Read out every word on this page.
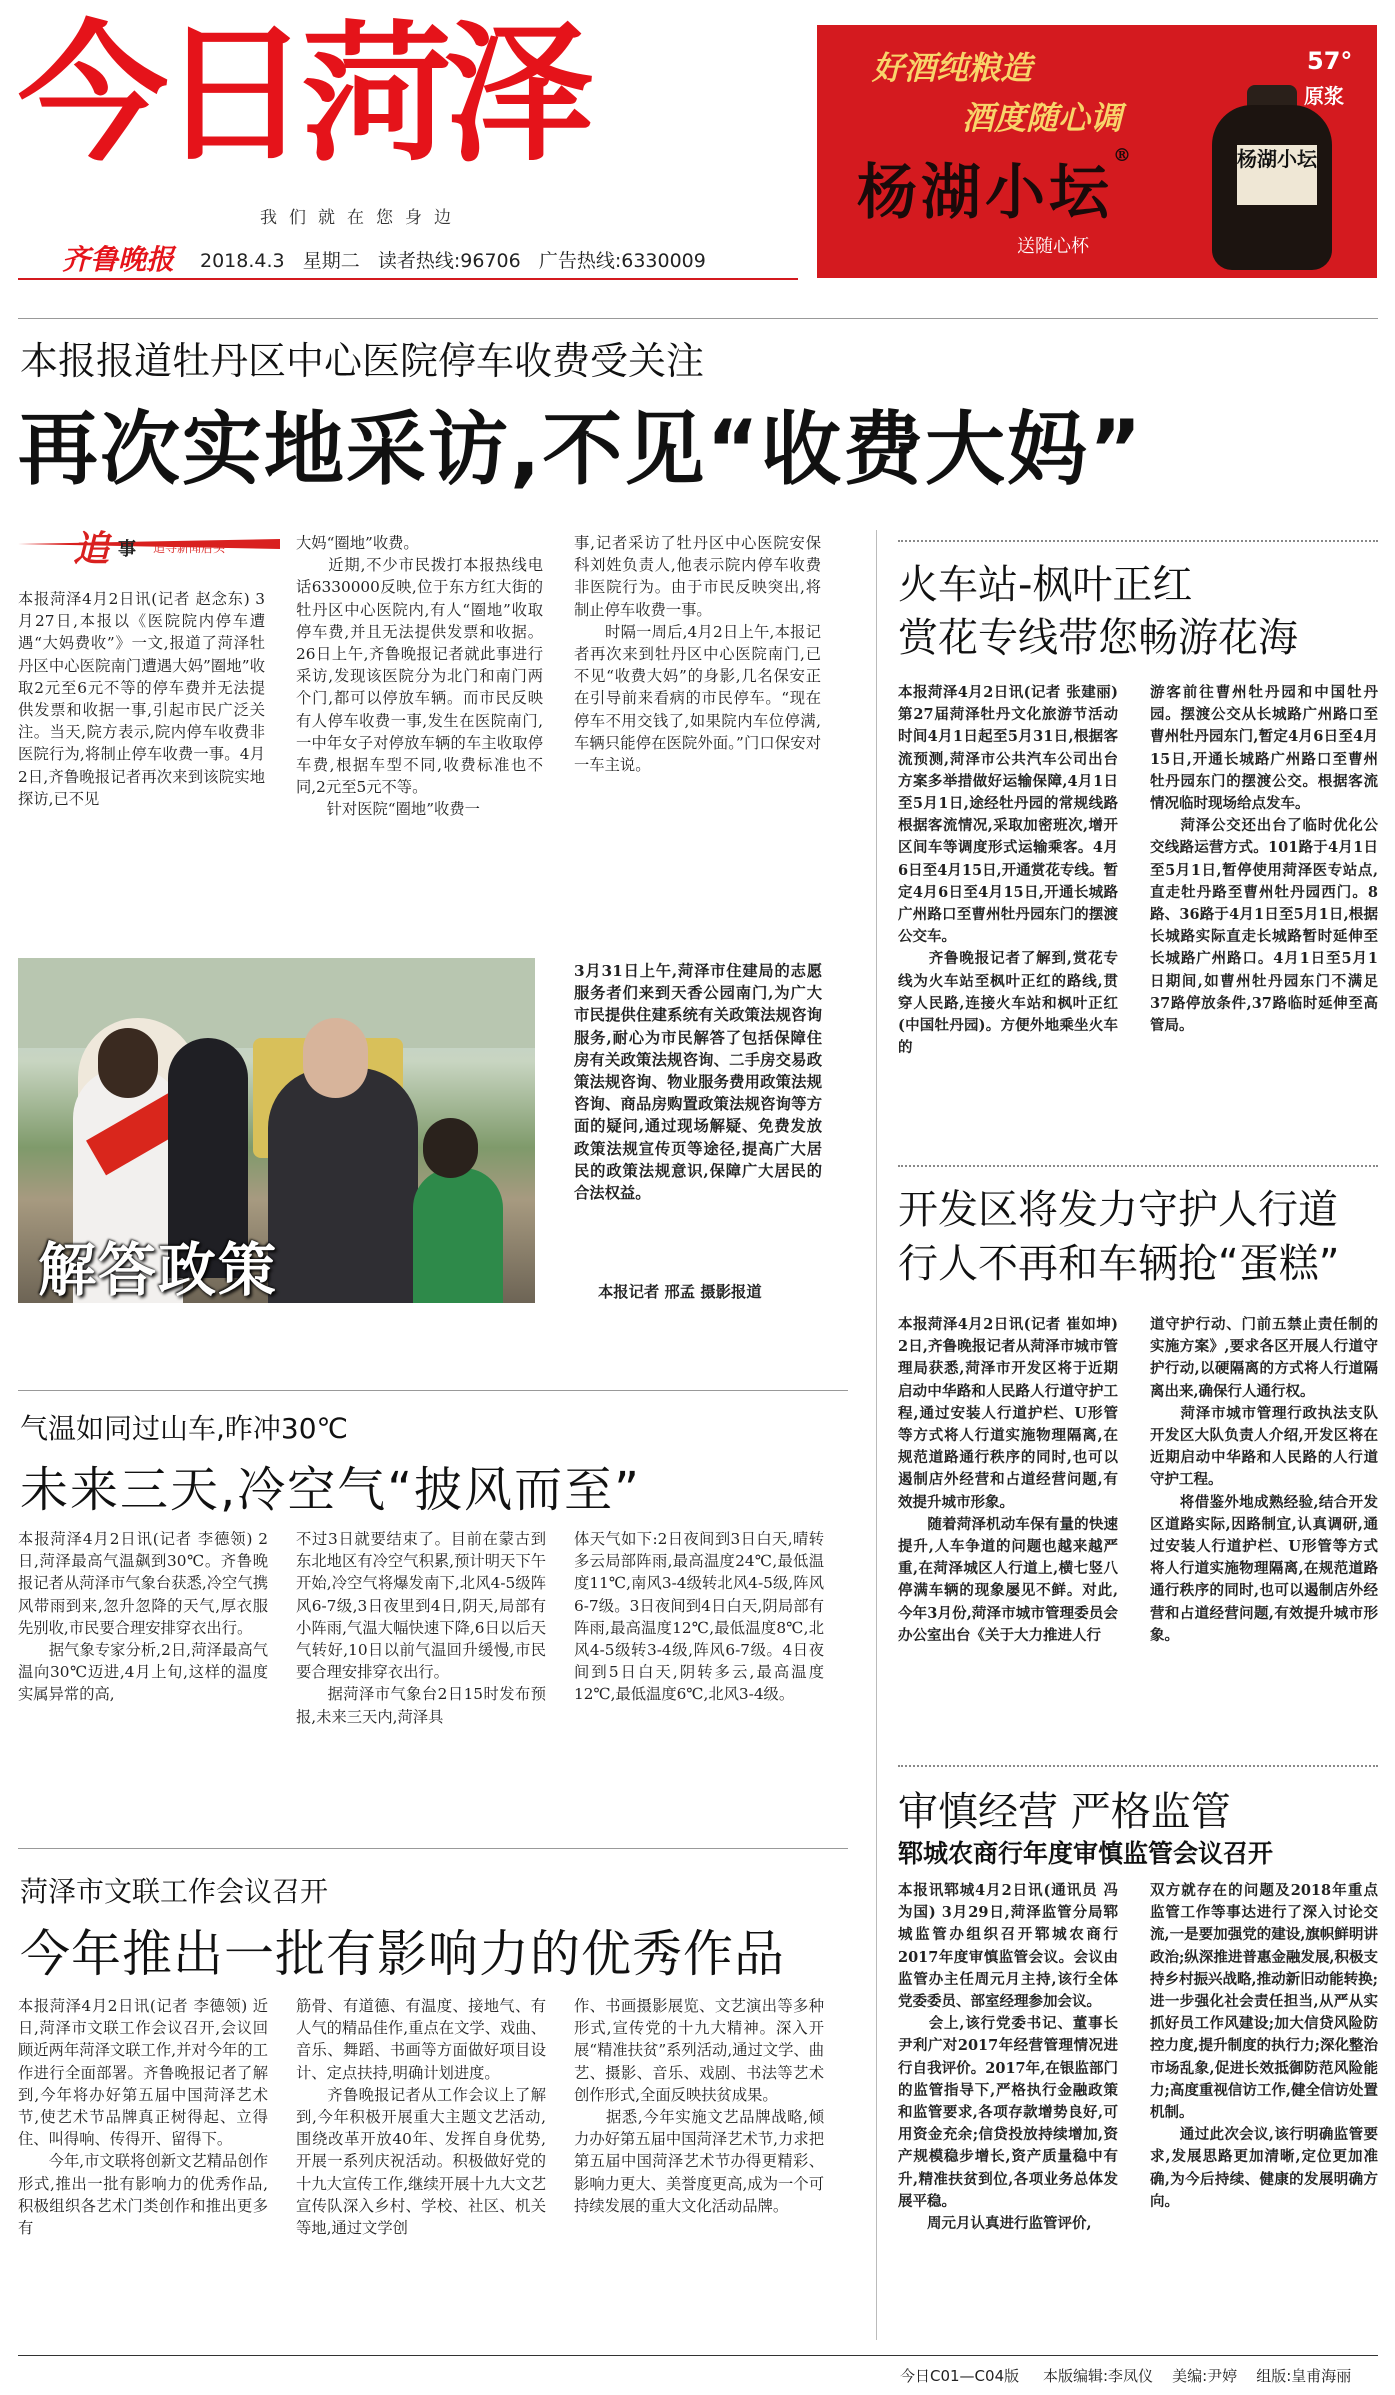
今日菏泽
我们就在您身边
齐鲁晚报 2018.4.3 星期二 读者热线:96706 广告热线:6330009
好酒纯粮造
酒度随心调
杨湖小坛®
送随心杯
杨湖小坛
57°
原浆
本报报道牡丹区中心医院停车收费受关注
再次实地采访,不见“收费大妈”
追 事 追寻新闻后头
本报菏泽4月2日讯(记者 赵念东) 3月27日,本报以《医院院内停车遭遇“大妈费收”》一文,报道了菏泽牡丹区中心医院南门遭遇大妈”圈地”收取2元至6元不等的停车费并无法提供发票和收据一事,引起市民广泛关注。当天,院方表示,院内停车收费非医院行为,将制止停车收费一事。4月2日,齐鲁晚报记者再次来到该院实地探访,已不见
大妈“圈地”收费。
　　近期,不少市民拨打本报热线电话6330000反映,位于东方红大街的牡丹区中心医院内,有人“圈地”收取停车费,并且无法提供发票和收据。26日上午,齐鲁晚报记者就此事进行采访,发现该医院分为北门和南门两个门,都可以停放车辆。而市民反映有人停车收费一事,发生在医院南门,一中年女子对停放车辆的车主收取停车费,根据车型不同,收费标准也不同,2元至5元不等。
　　针对医院“圈地”收费一
事,记者采访了牡丹区中心医院安保科刘姓负责人,他表示院内停车收费非医院行为。由于市民反映突出,将制止停车收费一事。
　　时隔一周后,4月2日上午,本报记者再次来到牡丹区中心医院南门,已不见“收费大妈”的身影,几名保安正在引导前来看病的市民停车。“现在停车不用交钱了,如果院内车位停满,车辆只能停在医院外面。”门口保安对一车主说。
解答政策
3月31日上午,菏泽市住建局的志愿服务者们来到天香公园南门,为广大市民提供住建系统有关政策法规咨询服务,耐心为市民解答了包括保障住房有关政策法规咨询、二手房交易政策法规咨询、物业服务费用政策法规咨询、商品房购置政策法规咨询等方面的疑问,通过现场解疑、免费发放政策法规宣传页等途径,提高广大居民的政策法规意识,保障广大居民的合法权益。
本报记者 邢孟 摄影报道
火车站-枫叶正红
赏花专线带您畅游花海
本报菏泽4月2日讯(记者 张建丽) 第27届菏泽牡丹文化旅游节活动时间4月1日起至5月31日,根据客流预测,菏泽市公共汽车公司出台方案多举措做好运输保障,4月1日至5月1日,途经牡丹园的常规线路根据客流情况,采取加密班次,增开区间车等调度形式运输乘客。4月6日至4月15日,开通赏花专线。暂定4月6日至4月15日,开通长城路广州路口至曹州牡丹园东门的摆渡公交车。
　　齐鲁晚报记者了解到,赏花专线为火车站至枫叶正红的路线,贯穿人民路,连接火车站和枫叶正红(中国牡丹园)。方便外地乘坐火车的
游客前往曹州牡丹园和中国牡丹园。摆渡公交从长城路广州路口至曹州牡丹园东门,暂定4月6日至4月15日,开通长城路广州路口至曹州牡丹园东门的摆渡公交。根据客流情况临时现场给点发车。
　　菏泽公交还出台了临时优化公交线路运营方式。101路于4月1日至5月1日,暂停使用菏泽医专站点,直走牡丹路至曹州牡丹园西门。8路、36路于4月1日至5月1日,根据长城路实际直走长城路暂时延伸至长城路广州路口。4月1日至5月1日期间,如曹州牡丹园东门不满足37路停放条件,37路临时延伸至高管局。
开发区将发力守护人行道
行人不再和车辆抢“蛋糕”
本报菏泽4月2日讯(记者 崔如坤) 2日,齐鲁晚报记者从菏泽市城市管理局获悉,菏泽市开发区将于近期启动中华路和人民路人行道守护工程,通过安装人行道护栏、U形管等方式将人行道实施物理隔离,在规范道路通行秩序的同时,也可以遏制店外经营和占道经营问题,有效提升城市形象。
　　随着菏泽机动车保有量的快速提升,人车争道的问题也越来越严重,在菏泽城区人行道上,横七竖八停满车辆的现象屡见不鲜。对此,今年3月份,菏泽市城市管理委员会办公室出台《关于大力推进人行
道守护行动、门前五禁止责任制的实施方案》,要求各区开展人行道守护行动,以硬隔离的方式将人行道隔离出来,确保行人通行权。
　　菏泽市城市管理行政执法支队开发区大队负责人介绍,开发区将在近期启动中华路和人民路的人行道守护工程。
　　将借鉴外地成熟经验,结合开发区道路实际,因路制宜,认真调研,通过安装人行道护栏、U形管等方式将人行道实施物理隔离,在规范道路通行秩序的同时,也可以遏制店外经营和占道经营问题,有效提升城市形象。
气温如同过山车,昨冲30℃
未来三天,冷空气“披风而至”
本报菏泽4月2日讯(记者 李德领) 2日,菏泽最高气温飙到30℃。齐鲁晚报记者从菏泽市气象台获悉,冷空气携风带雨到来,忽升忽降的天气,厚衣服先别收,市民要合理安排穿衣出行。
　　据气象专家分析,2日,菏泽最高气温向30℃迈进,4月上旬,这样的温度实属异常的高,
不过3日就要结束了。目前在蒙古到东北地区有冷空气积累,预计明天下午开始,冷空气将爆发南下,北风4-5级阵风6-7级,3日夜里到4日,阴天,局部有小阵雨,气温大幅快速下降,6日以后天气转好,10日以前气温回升缓慢,市民要合理安排穿衣出行。
　　据菏泽市气象台2日15时发布预报,未来三天内,菏泽具
体天气如下:2日夜间到3日白天,晴转多云局部阵雨,最高温度24℃,最低温度11℃,南风3-4级转北风4-5级,阵风6-7级。3日夜间到4日白天,阴局部有阵雨,最高温度12℃,最低温度8℃,北风4-5级转3-4级,阵风6-7级。4日夜间到5日白天,阴转多云,最高温度12℃,最低温度6℃,北风3-4级。
菏泽市文联工作会议召开
今年推出一批有影响力的优秀作品
本报菏泽4月2日讯(记者 李德领) 近日,菏泽市文联工作会议召开,会议回顾近两年菏泽文联工作,并对今年的工作进行全面部署。齐鲁晚报记者了解到,今年将办好第五届中国菏泽艺术节,使艺术节品牌真正树得起、立得住、叫得响、传得开、留得下。
　　今年,市文联将创新文艺精品创作形式,推出一批有影响力的优秀作品,积极组织各艺术门类创作和推出更多有
筋骨、有道德、有温度、接地气、有人气的精品佳作,重点在文学、戏曲、音乐、舞蹈、书画等方面做好项目设计、定点扶持,明确计划进度。
　　齐鲁晚报记者从工作会议上了解到,今年积极开展重大主题文艺活动,围绕改革开放40年、发挥自身优势,开展一系列庆祝活动。积极做好党的十九大宣传工作,继续开展十九大文艺宣传队深入乡村、学校、社区、机关等地,通过文学创
作、书画摄影展览、文艺演出等多种形式,宣传党的十九大精神。深入开展“精准扶贫”系列活动,通过文学、曲艺、摄影、音乐、戏剧、书法等艺术创作形式,全面反映扶贫成果。
　　据悉,今年实施文艺品牌战略,倾力办好第五届中国菏泽艺术节,力求把第五届中国菏泽艺术节办得更精彩、影响力更大、美誉度更高,成为一个可持续发展的重大文化活动品牌。
审慎经营 严格监管
郓城农商行年度审慎监管会议召开
本报讯郓城4月2日讯(通讯员 冯为国) 3月29日,菏泽监管分局郓城监管办组织召开郓城农商行2017年度审慎监管会议。会议由监管办主任周元月主持,该行全体党委委员、部室经理参加会议。
　　会上,该行党委书记、董事长尹利广对2017年经营管理情况进行自我评价。2017年,在银监部门的监管指导下,严格执行金融政策和监管要求,各项存款增势良好,可用资金充余;信贷投放持续增加,资产规模稳步增长,资产质量稳中有升,精准扶贫到位,各项业务总体发展平稳。
　　周元月认真进行监管评价,
双方就存在的问题及2018年重点监管工作等事达进行了深入讨论交流,一是要加强党的建设,旗帜鲜明讲政治;纵深推进普惠金融发展,积极支持乡村振兴战略,推动新旧动能转换;进一步强化社会责任担当,从严从实抓好员工作风建设;加大信贷风险防控力度,提升制度的执行力;深化整治市场乱象,促进长效抵御防范风险能力;高度重视信访工作,健全信访处置机制。
　　通过此次会议,该行明确监管要求,发展思路更加清晰,定位更加准确,为今后持续、健康的发展明确方向。
今日C01—C04版 本版编辑:李凤仪 美编:尹婷 组版:皇甫海丽
